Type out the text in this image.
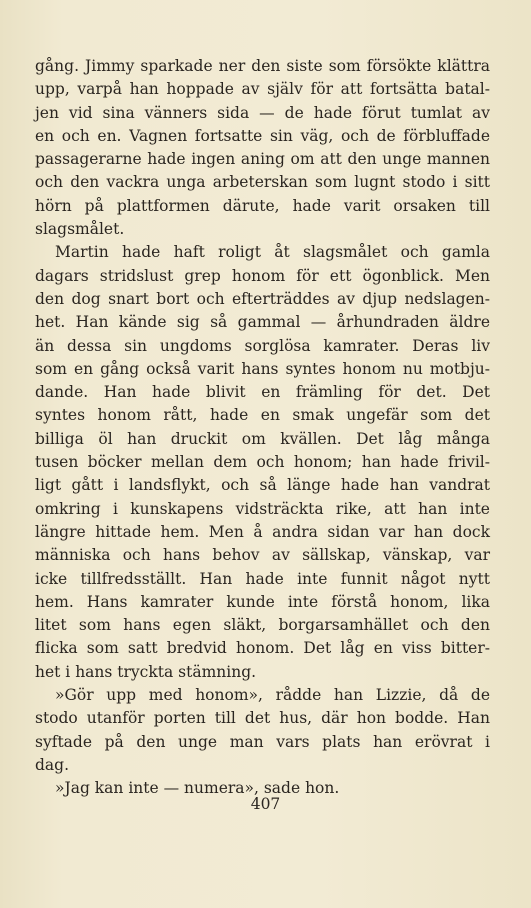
gång. Jimmy sparkade ner den siste som försökte klättra
upp, varpå han hoppade av själv för att fortsätta batal-
jen vid sina vänners sida — de hade förut tumlat av
en och en. Vagnen fortsatte sin väg, och de förbluffade
passagerarne hade ingen aning om att den unge mannen
och den vackra unga arbeterskan som lugnt stodo i sitt
hörn på plattformen därute, hade varit orsaken till
slagsmålet.
Martin hade haft roligt åt slagsmålet och gamla
dagars stridslust grep honom för ett ögonblick. Men
den dog snart bort och efterträddes av djup nedslagen-
het. Han kände sig så gammal — århundraden äldre
än dessa sin ungdoms sorglösa kamrater. Deras liv
som en gång också varit hans syntes honom nu motbju-
dande. Han hade blivit en främling för det. Det
syntes honom rått, hade en smak ungefär som det
billiga öl han druckit om kvällen. Det låg många
tusen böcker mellan dem och honom; han hade frivil-
ligt gått i landsflykt, och så länge hade han vandrat
omkring i kunskapens vidsträckta rike, att han inte
längre hittade hem. Men å andra sidan var han dock
människa och hans behov av sällskap, vänskap, var
icke tillfredsställt. Han hade inte funnit något nytt
hem. Hans kamrater kunde inte förstå honom, lika
litet som hans egen släkt, borgarsamhället och den
flicka som satt bredvid honom. Det låg en viss bitter-
het i hans tryckta stämning.
»Gör upp med honom», rådde han Lizzie, då de
stodo utanför porten till det hus, där hon bodde. Han
syftade på den unge man vars plats han erövrat i
dag.
»Jag kan inte — numera», sade hon.
407
